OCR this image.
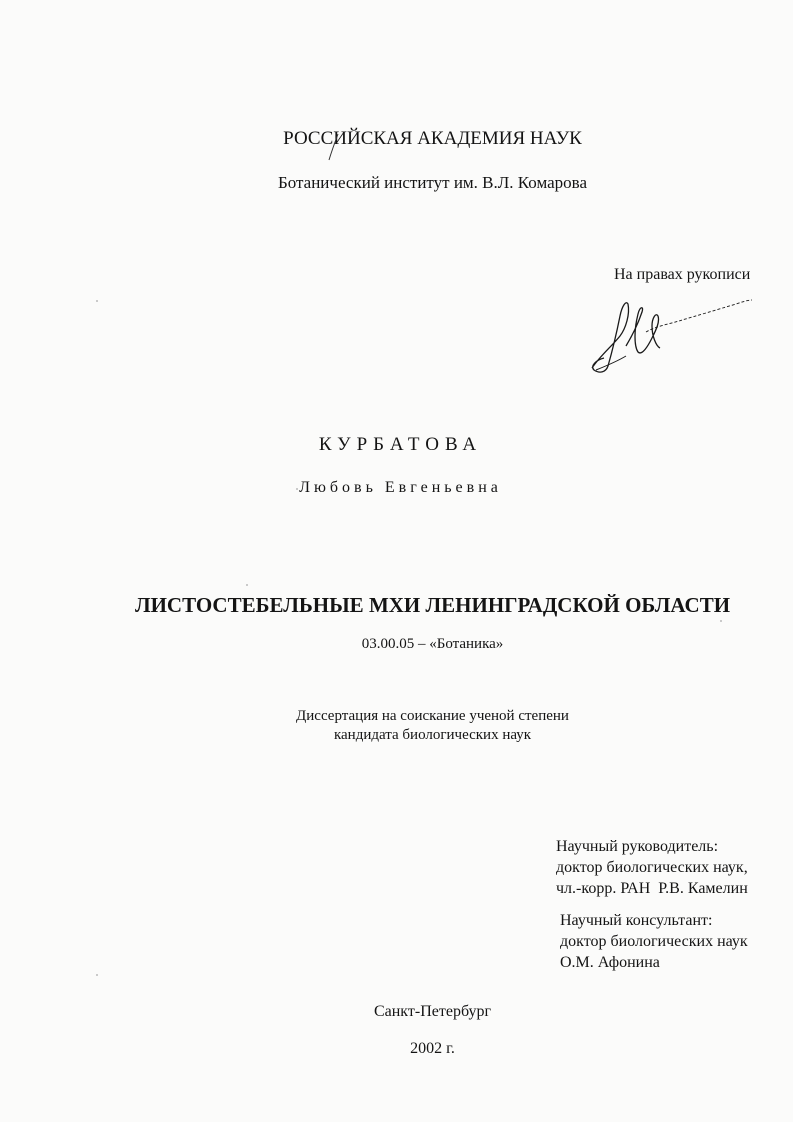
РОССИЙСКАЯ АКАДЕМИЯ НАУК
Ботанический институт им. В.Л. Комарова
На правах рукописи
КУРБАТОВА
Любовь Евгеньевна
ЛИСТОСТЕБЕЛЬНЫЕ МХИ ЛЕНИНГРАДСКОЙ ОБЛАСТИ
03.00.05 – «Ботаника»
Диссертация на соискание ученой степени
кандидата биологических наук
Научный руководитель:
доктор биологических наук,
чл.-корр. РАН  Р.В. Камелин
Научный консультант:
доктор биологических наук
О.М. Афонина
Санкт-Петербург
2002 г.
